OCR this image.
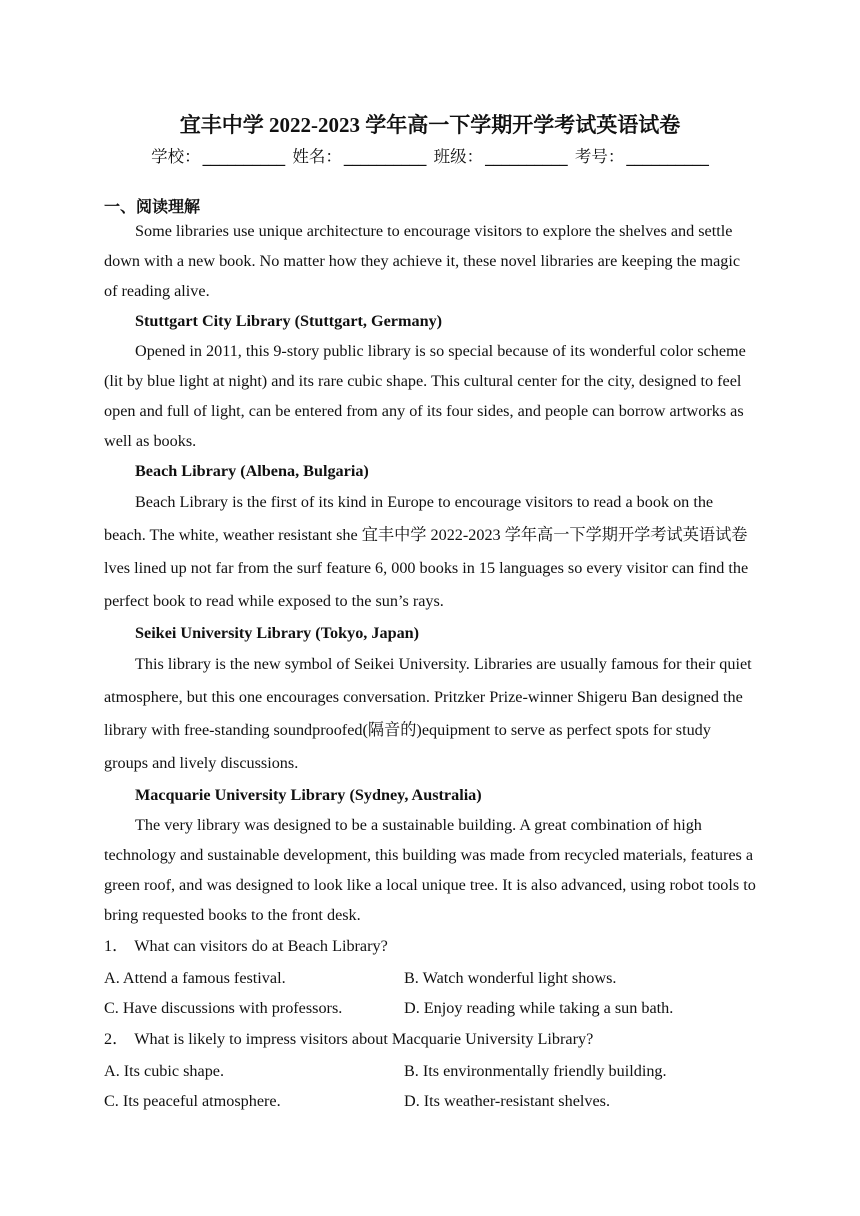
宜丰中学 2022-2023 学年高一下学期开学考试英语试卷
学校： __________ 姓名： __________ 班级： __________ 考号： __________
一、阅读理解

Some libraries use unique architecture to encourage visitors to explore the shelves and settle down with a new book. No matter how they achieve it, these novel libraries are keeping the magic of reading alive.

Stuttgart City Library (Stuttgart, Germany)

Opened in 2011, this 9-story public library is so special because of its wonderful color scheme (lit by blue light at night) and its rare cubic shape. This cultural center for the city, designed to feel open and full of light, can be entered from any of its four sides, and people can borrow artworks as well as books.

Beach Library (Albena, Bulgaria)

Beach Library is the first of its kind in Europe to encourage visitors to read a book on the beach. The white, weather resistant she 宜丰中学 2022-2023 学年高一下学期开学考试英语试卷 lves lined up not far from the surf feature 6, 000 books in 15 languages so every visitor can find the perfect book to read while exposed to the sun’s rays.

Seikei University Library (Tokyo, Japan)

This library is the new symbol of Seikei University. Libraries are usually famous for their quiet atmosphere, but this one encourages conversation. Pritzker Prize-winner Shigeru Ban designed the library with free-standing soundproofed(隔音的)equipment to serve as perfect spots for study groups and lively discussions.

Macquarie University Library (Sydney, Australia)

The very library was designed to be a sustainable building. A great combination of high technology and sustainable development, this building was made from recycled materials, features a green roof, and was designed to look like a local unique tree. It is also advanced, using robot tools to bring requested books to the front desk.

1． What can visitors do at Beach Library?

A. Attend a famous festival.	B. Watch wonderful light shows.
C. Have discussions with professors.	D. Enjoy reading while taking a sun bath.

2． What is likely to impress visitors about Macquarie University Library?

A. Its cubic shape.	B. Its environmentally friendly building.
C. Its peaceful atmosphere.	D. Its weather-resistant shelves.
